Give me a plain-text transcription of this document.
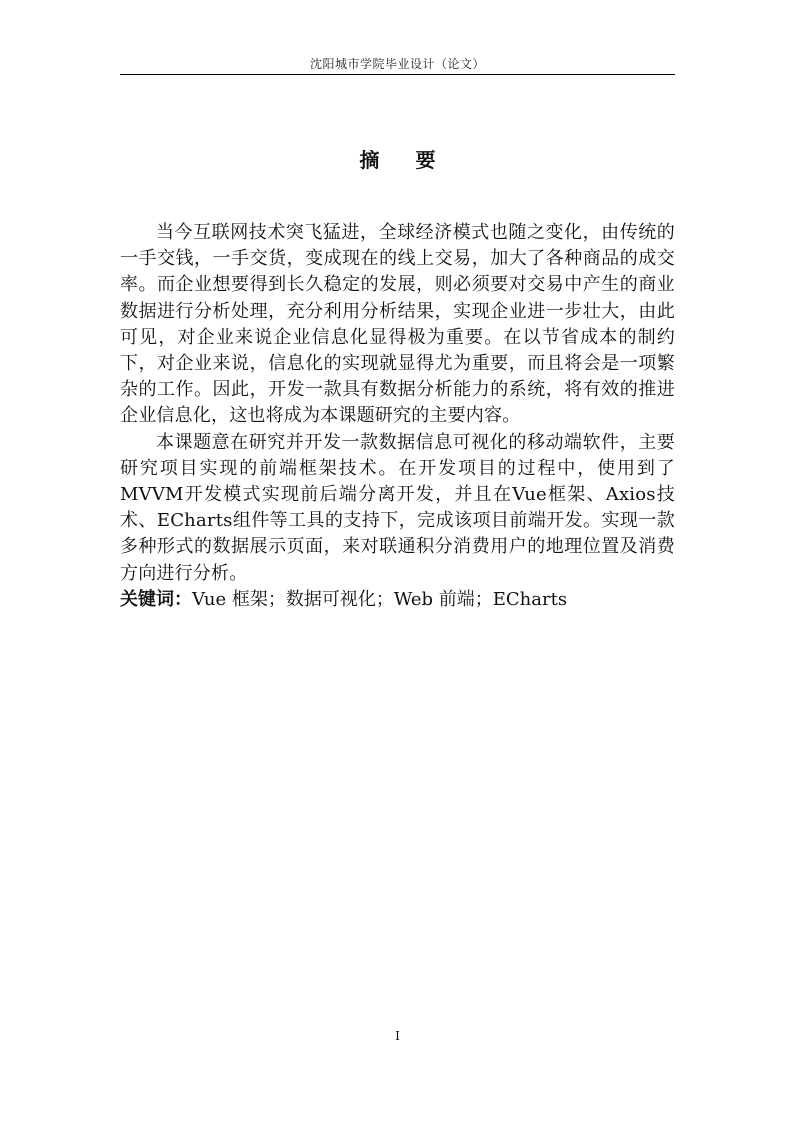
沈阳城市学院毕业设计（论文）
摘 要

当今互联网技术突飞猛进，全球经济模式也随之变化，由传统的一手交钱，一手交货，变成现在的线上交易，加大了各种商品的成交率。而企业想要得到长久稳定的发展，则必须要对交易中产生的商业数据进行分析处理，充分利用分析结果，实现企业进一步壮大，由此可见，对企业来说企业信息化显得极为重要。在以节省成本的制约下，对企业来说，信息化的实现就显得尤为重要，而且将会是一项繁杂的工作。因此，开发一款具有数据分析能力的系统，将有效的推进企业信息化，这也将成为本课题研究的主要内容。

本课题意在研究并开发一款数据信息可视化的移动端软件，主要研究项目实现的前端框架技术。在开发项目的过程中，使用到了MVVM开发模式实现前后端分离开发，并且在Vue框架、Axios技术、ECharts组件等工具的支持下，完成该项目前端开发。实现一款多种形式的数据展示页面，来对联通积分消费用户的地理位置及消费方向进行分析。

关键词：Vue 框架；数据可视化；Web 前端；ECharts

I
